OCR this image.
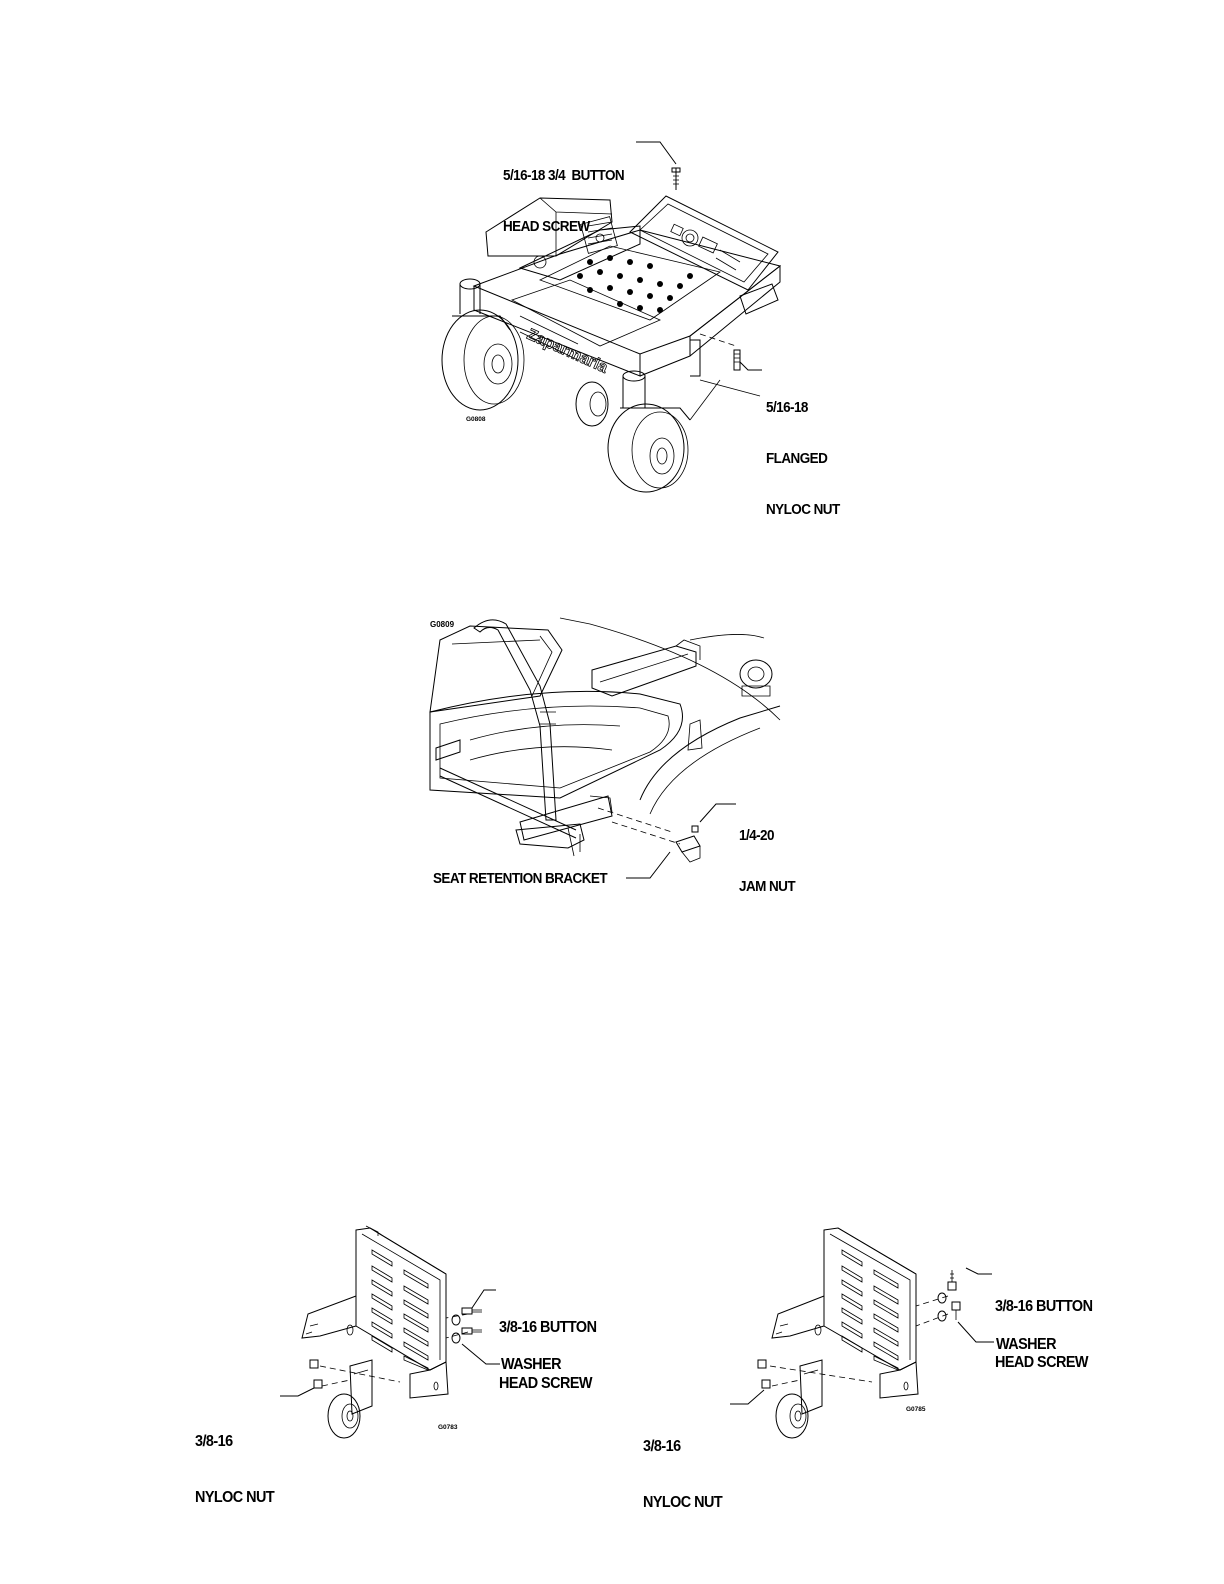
Zaparmarla

5/16-18 3/4  BUTTON

HEAD SCREW

5/16-18

FLANGED

NYLOC NUT

G0808
G0809

1/4-20

JAM NUT

SEAT RETENTION BRACKET

3/8-16 BUTTON

HEAD SCREW

WASHER

3/8-16

NYLOC NUT

G0783

3/8-16 BUTTON

HEAD SCREW

WASHER

3/8-16

NYLOC NUT

G0785
